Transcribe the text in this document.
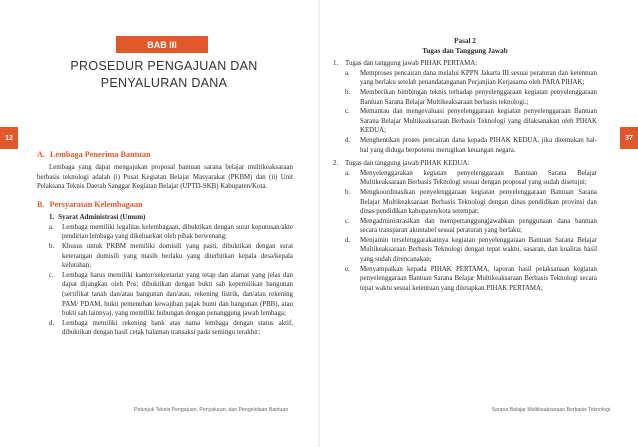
12	37
BAB III
PROSEDUR PENGAJUAN DAN
PENYALURAN DANA
A. Lembaga Penerima Bantuan

Lembaga yang dapat mengajukan proposal bantuan sarana belajar multikeaksaraan berbasis teknologi adalah (i) Pusat Kegiatan Belajar Masyarakat (PKBM) dan (ii) Unit Pelaksana Teknis Daerah Sanggar Kegiatan Belajar (UPTD-SKB) Kabupaten/Kota.

B. Persyaratan Kelembagaan
1. Syarat Administrasi (Umum)
a.	Lembaga memiliki legalitas kelembagaan, dibuktikan dengan surat keputusan/akte pendirian lembaga yang dikeluarkan oleh pihak berwenang;
b.	Khusus untuk PKBM memiliki domisili yang pasti, dibuktikan dengan surat keterangan domisili yang masih berlaku yang diterbitkan kepala desa/kepala kelurahan;
c.	Lembaga harus memiliki kantor/sekretariat yang tetap dan alamat yang jelas dan dapat dijangkau oleh Pos; dibuktikan dengan bukti sah kepemilikan bangunan (sertifikat tanah dan/atau bangunan dan/atau, rekening listrik, dan/atau rekening PAM/ PDAM, bukti pemenuhan kewajiban pajak bumi dan bangunan (PBB), atau bukti sah lainnya), yang memiliki hubungan dengan penanggung jawab lembaga;
d.	Lembaga memiliki rekening bank atas nama lembaga dengan status aktif, dibuktikan dengan hasil cetak halaman transaksi pada semingu terakhir;
Pasal 2
Tugas dan Tanggung Jawab
1. Tugas dan tanggung jawab PIHAK PERTAMA:
a.	Memproses pencairan dana melalui KPPN Jakarta III sesuai peraturan dan ketentuan yang berlaku setelah penandatanganan Perjanjian Kerjasama oleh PARA PIHAK;
b.	Memberikan bimbingan teknis terhadap penyelenggaraan kegiatan penyelenggaraan Bantuan Sarana Belajar Multikeaksaraan berbasis teknologi.;
c.	Memantau dan mengevaluasi penyelenggaraan kegiatan penyelenggaraan Bantuan Sarana Belajar Multikeaksaraan Berbasis Teknologi yang dilaksanakan oleh PIHAK KEDUA;
d.	Menghentikan proses pencairan dana kepada PIHAK KEDUA, jika ditemukan hal-hal yang diduga berpotensi merugikan keuangan negara.
2. Tugas dan tanggung jawab PIHAK KEDUA:
a.	Menyelenggarakan kegiatan penyelenggaraan Bantuan Sarana Belajar Multikeaksaraan Berbasis Teknologi sesuai dengan proposal yang sudah disetujui;
b.	Mengkoordinasikan penyelenggaraan kegiatan penyelenggaraan Bantuan Sarana Belajar Multikeaksaraan Berbasis Teknologi dengan dinas pendidikan provinsi dan dinas pendidikan kabupaten/kota setempat;
c.	Mengadministrasikan dan mempertanggungjawabkan penggunaan dana bantuan secara transparan akuntabel sesuai peraturan yang berlaku;
d.	Menjamin terselenggarakannya kegiatan penyelenggaraan Bantuan Sarana Belajar Multikeaksaraan Berbasis Teknologi dengan tepat waktu, sasaran, dan kualitas hasil yang sudah direncanakan;
e.	Menyampaikan kepada PIHAK PERTAMA, laporan hasil pelaksanaan kegiatan penyelenggaraan Bantuan Sarana Belajar Multikeaksaraan Berbasis Teknologi secara tepat waktu sesuai ketentuan yang ditetapkan PIHAK PERTAMA;
Petunjuk Teknis Pengajuan, Penyaluran, dan Pengelolaan Bantuan	Sarana Belajar Multikeaksaraan Berbasis Teknologi
